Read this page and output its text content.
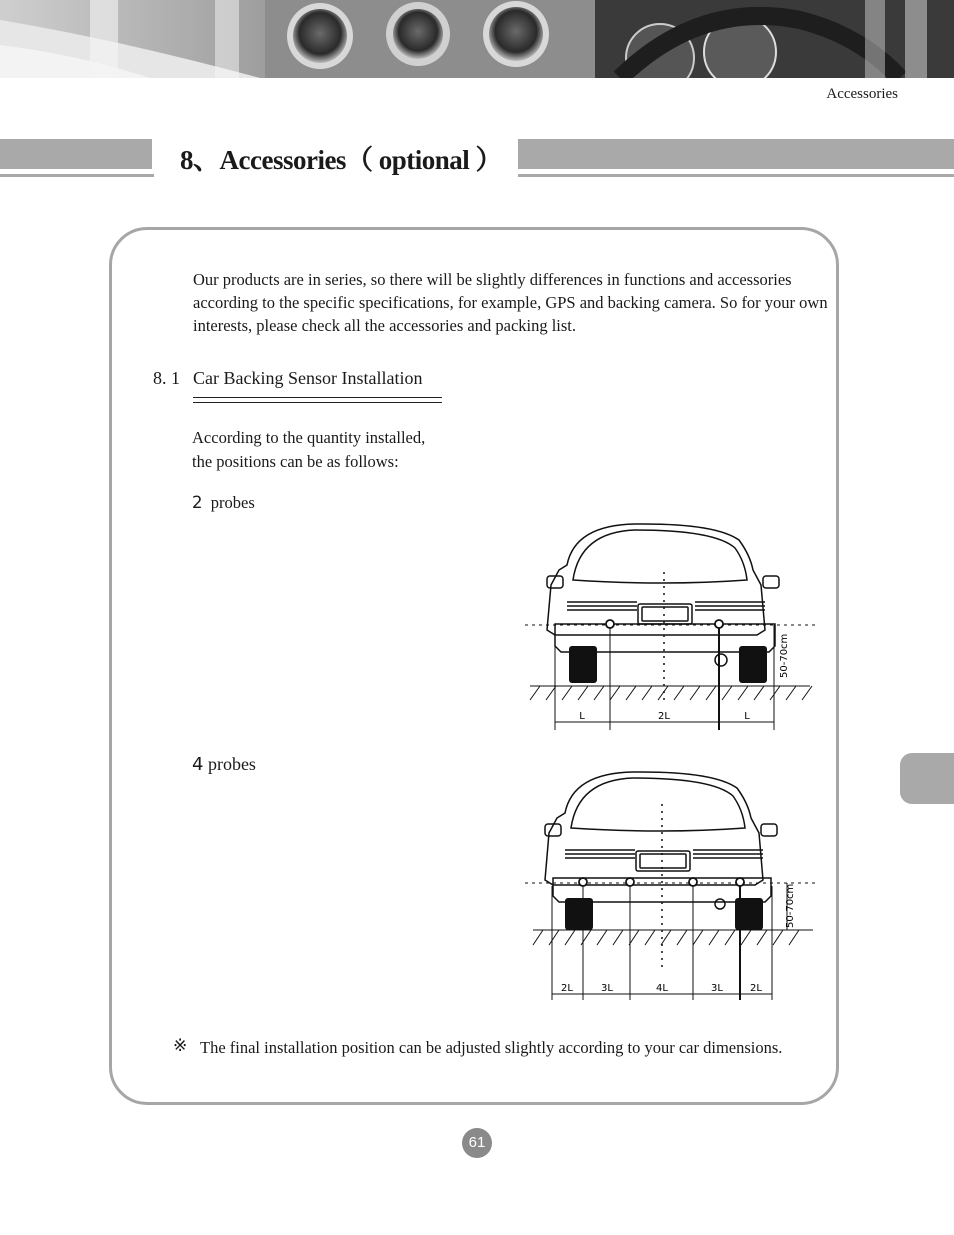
Accessories
8、Accessories（ optional ）
Our products are in series, so there will be slightly differences in functions and accessories according to the specific specifications, for example, GPS and backing camera. So for your own interests, please check all the accessories and packing list.
8. 1 Car Backing Sensor Installation
According to the quantity installed,
the positions can be as follows:
2 probes
L	2L	L
50-70cm
4 probes
2L	3L	4L	3L	2L
50-70cm
※ The final installation position can be adjusted slightly according to your car dimensions.
61
